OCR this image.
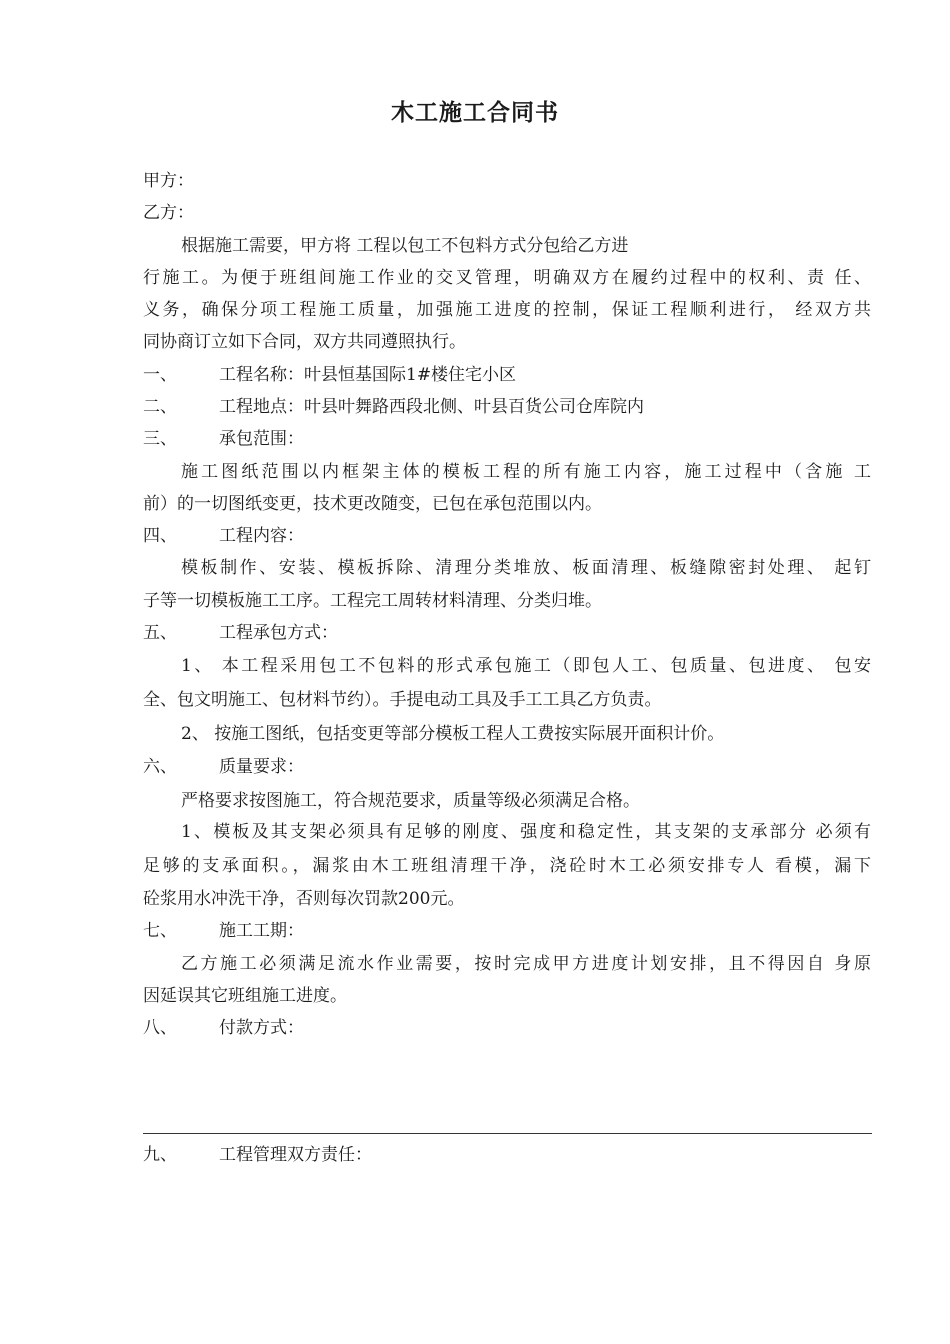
木工施工合同书
甲方：
乙方：
根据施工需要，甲方将 工程以包工不包料方式分包给乙方进
行施工。为便于班组间施工作业的交叉管理，明确双方在履约过程中的权利、责 任、
义务，确保分项工程施工质量，加强施工进度的控制，保证工程顺利进行， 经双方共
同协商订立如下合同，双方共同遵照执行。
一、 工程名称：叶县恒基国际1#楼住宅小区
二、 工程地点：叶县叶舞路西段北侧、叶县百货公司仓库院内
三、 承包范围：
施工图纸范围以内框架主体的模板工程的所有施工内容，施工过程中（含施 工
前）的一切图纸变更，技术更改随变，已包在承包范围以内。
四、 工程内容：
模板制作、安装、模板拆除、清理分类堆放、板面清理、板缝隙密封处理、 起钉
子等一切模板施工工序。工程完工周转材料清理、分类归堆。
五、 工程承包方式：
1、 本工程采用包工不包料的形式承包施工（即包人工、包质量、包进度、 包安
全、包文明施工、包材料节约）。手提电动工具及手工工具乙方负责。
2、 按施工图纸，包括变更等部分模板工程人工费按实际展开面积计价。
六、 质量要求：
严格要求按图施工，符合规范要求，质量等级必须满足合格。
1、模板及其支架必须具有足够的刚度、强度和稳定性，其支架的支承部分 必须有
足够的支承面积。，漏浆由木工班组清理干净，浇砼时木工必须安排专人 看模，漏下
砼浆用水冲洗干净，否则每次罚款200元。
七、 施工工期：
乙方施工必须满足流水作业需要，按时完成甲方进度计划安排，且不得因自 身原
因延误其它班组施工进度。
八、 付款方式：
九、 工程管理双方责任：
